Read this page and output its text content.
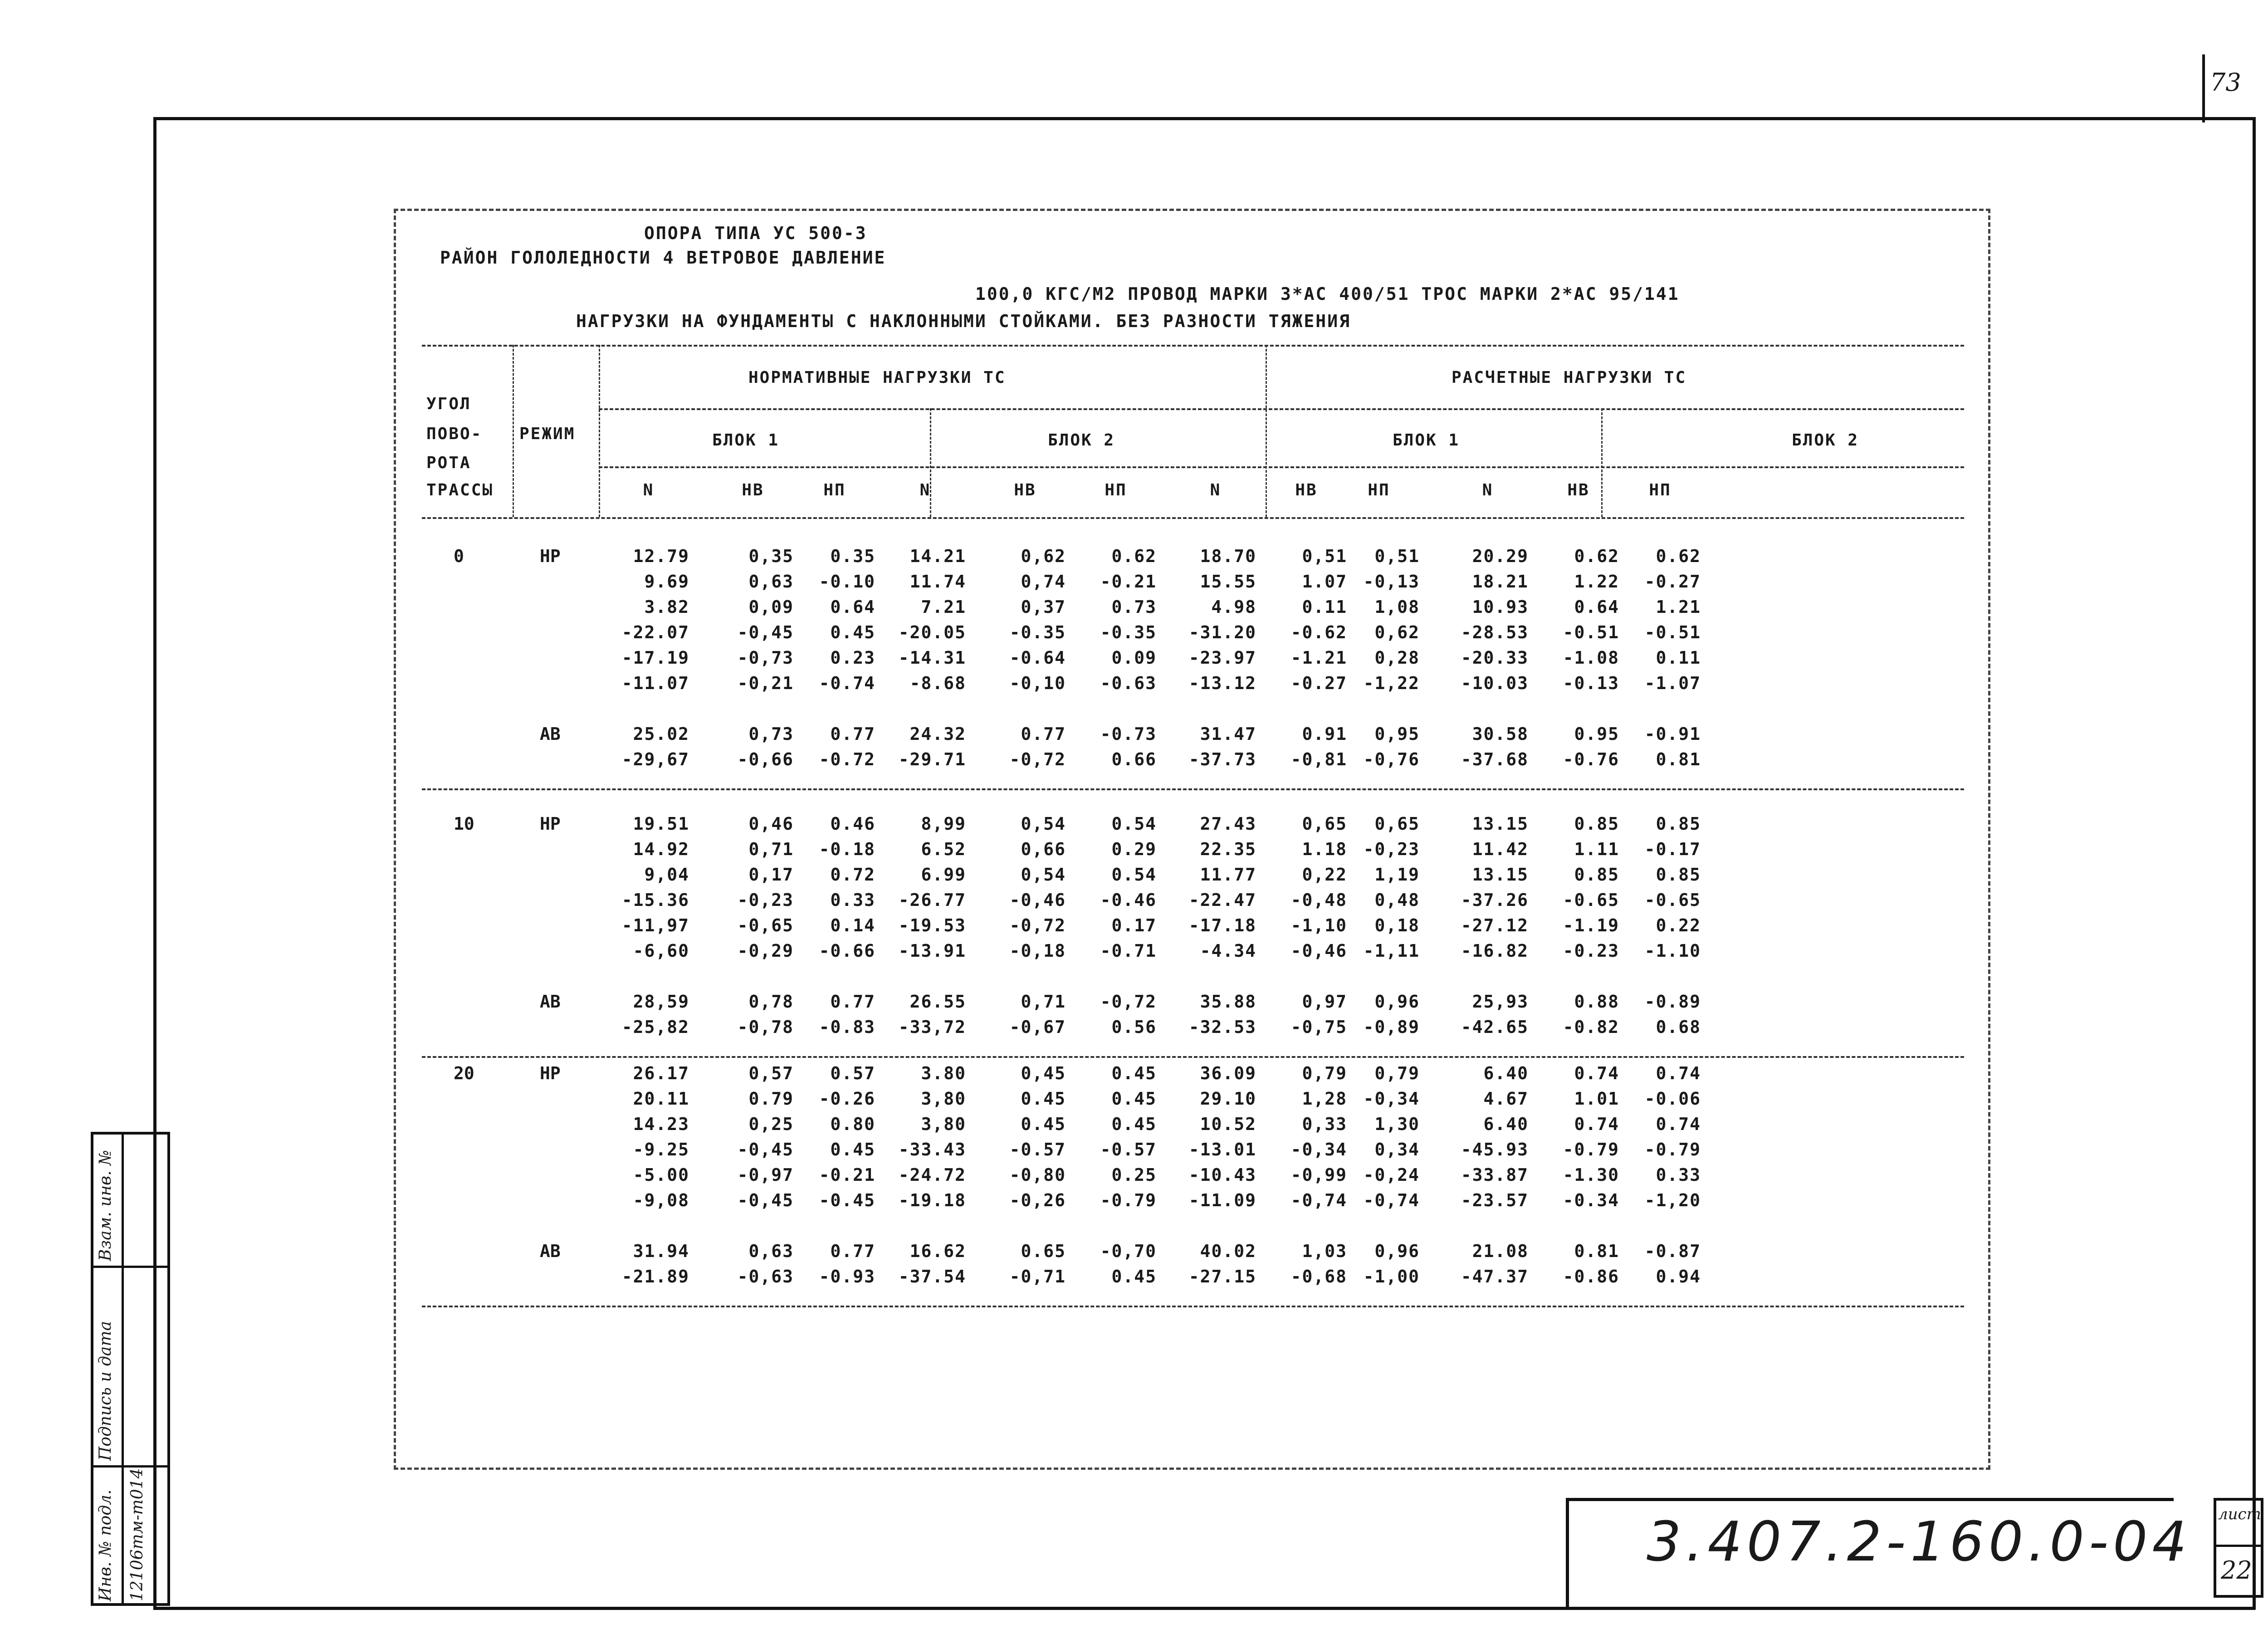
73
ОПОРА ТИПА УС 500-3
РАЙОН ГОЛОЛЕДНОСТИ 4 ВЕТРОВОЕ ДАВЛЕНИЕ
100,0 КГС/М2 ПРОВОД МАРКИ 3*АС 400/51 ТРОС МАРКИ 2*АС 95/141
НАГРУЗКИ НА ФУНДАМЕНТЫ С НАКЛОННЫМИ СТОЙКАМИ. БЕЗ РАЗНОСТИ ТЯЖЕНИЯ
УГОЛ
ПОВО-
РОТА
ТРАССЫ
РЕЖИМ
НОРМАТИВНЫЕ НАГРУЗКИ ТС	РАСЧЕТНЫЕ НАГРУЗКИ ТС
БЛОК 1	БЛОК 2	БЛОК 1	БЛОК 2
N	НВ	НП	N	НВ	НП	N	НВ	НП	N	НВ	НП
0	НР	12.79	0,35	0.35	14.21	0,62	0.62	18.70	0,51	0,51	20.29	0.62	0.62
9.69	0,63	-0.10	11.74	0,74	-0.21	15.55	1.07 -0,13	18.21	1.22	-0.27
3.82	0,09	0.64	7.21	0,37	0.73	4.98	0.11	1,08	10.93	0.64	1.21
-22.07	-0,45	0.45	-20.05	-0.35	-0.35	-31.20	-0.62	0,62	-28.53	-0.51	-0.51
-17.19	-0,73	0.23	-14.31	-0.64	0.09	-23.97	-1.21	0,28	-20.33	-1.08	0.11
-11.07	-0,21	-0.74	-8.68	-0,10	-0.63	-13.12	-0.27 -1,22	-10.03	-0.13	-1.07
АВ	25.02	0,73	0.77	24.32	0.77	-0.73	31.47	0.91	0,95	30.58	0.95	-0.91
-29,67	-0,66	-0.72	-29.71	-0,72	0.66	-37.73	-0,81 -0,76	-37.68	-0.76	0.81
10	НР	19.51	0,46	0.46	8,99	0,54	0.54	27.43	0,65	0,65	13.15	0.85	0.85
14.92	0,71	-0.18	6.52	0,66	0.29	22.35	1.18 -0,23	11.42	1.11	-0.17
9,04	0,17	0.72	6.99	0,54	0.54	11.77	0,22	1,19	13.15	0.85	0.85
-15.36	-0,23	0.33	-26.77	-0,46	-0.46	-22.47	-0,48	0,48	-37.26	-0.65	-0.65
-11,97	-0,65	0.14	-19.53	-0,72	0.17	-17.18	-1,10	0,18	-27.12	-1.19	0.22
-6,60	-0,29	-0.66	-13.91	-0,18	-0.71	-4.34	-0,46 -1,11	-16.82	-0.23	-1.10
АВ	28,59	0,78	0.77	26.55	0,71	-0,72	35.88	0,97	0,96	25,93	0.88	-0.89
-25,82	-0,78	-0.83	-33,72	-0,67	0.56	-32.53	-0,75 -0,89	-42.65	-0.82	0.68
20	НР	26.17	0,57	0.57	3.80	0,45	0.45	36.09	0,79	0,79	6.40	0.74	0.74
20.11	0.79	-0.26	3,80	0.45	0.45	29.10	1,28 -0,34	4.67	1.01	-0.06
14.23	0,25	0.80	3,80	0.45	0.45	10.52	0,33	1,30	6.40	0.74	0.74
-9.25	-0,45	0.45	-33.43	-0.57	-0.57	-13.01	-0,34	0,34	-45.93	-0.79	-0.79
-5.00	-0,97	-0.21	-24.72	-0,80	0.25	-10.43	-0,99 -0,24	-33.87	-1.30	0.33
-9,08	-0,45	-0.45	-19.18	-0,26	-0.79	-11.09	-0,74 -0,74	-23.57	-0.34	-1,20
АВ	31.94	0,63	0.77	16.62	0.65	-0,70	40.02	1,03	0,96	21.08	0.81	-0.87
-21.89	-0,63	-0.93	-37.54	-0,71	0.45	-27.15	-0,68 -1,00	-47.37	-0.86	0.94
3.407.2-160.0-04 лист
22
Взам. инв. №
Подпись и дата
Инв. № подл. 12106тм-т014
